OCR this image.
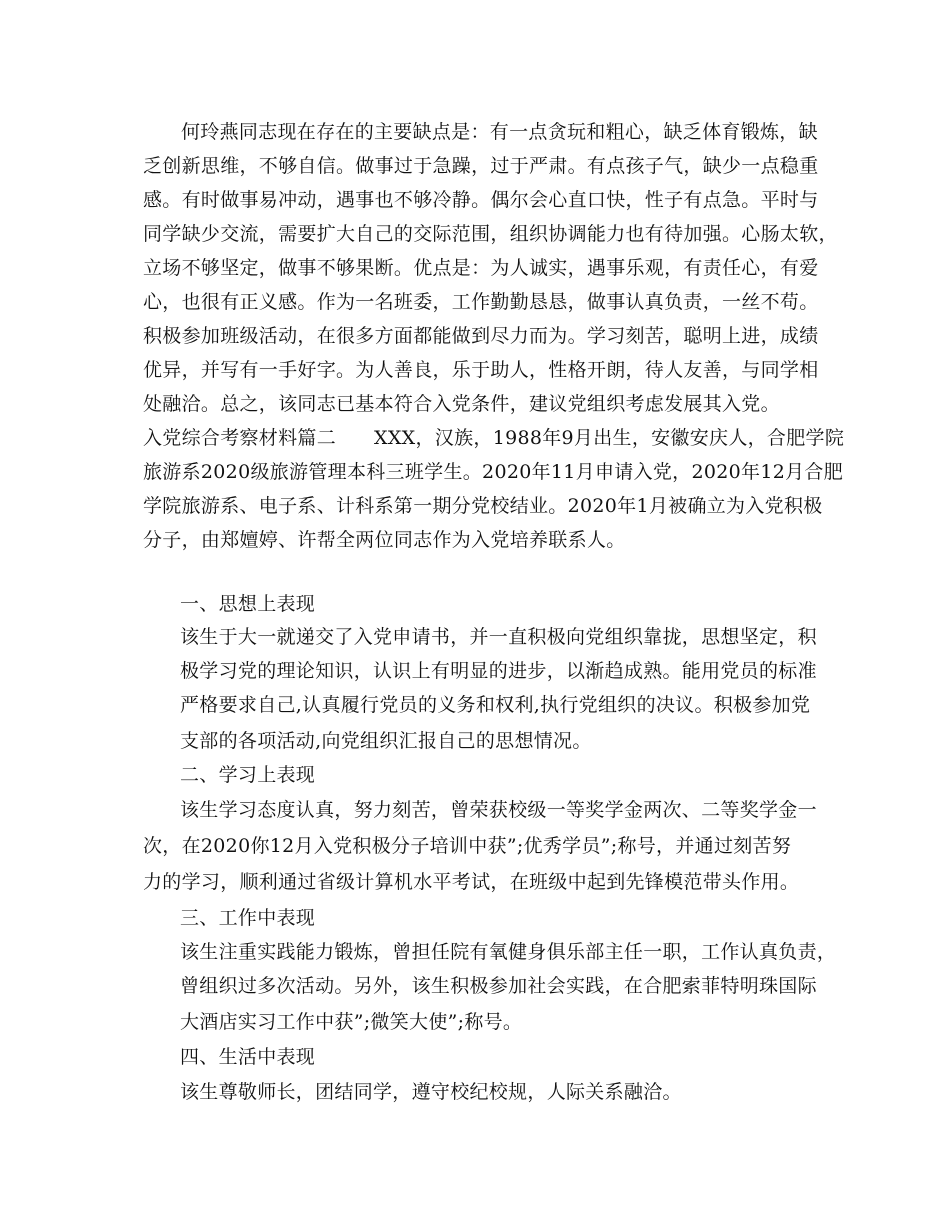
何玲燕同志现在存在的主要缺点是：有一点贪玩和粗心，缺乏体育锻炼，缺
乏创新思维，不够自信。做事过于急躁，过于严肃。有点孩子气，缺少一点稳重
感。有时做事易冲动，遇事也不够冷静。偶尔会心直口快，性子有点急。平时与
同学缺少交流，需要扩大自己的交际范围，组织协调能力也有待加强。心肠太软，
立场不够坚定，做事不够果断。优点是：为人诚实，遇事乐观，有责任心，有爱
心，也很有正义感。作为一名班委，工作勤勤恳恳，做事认真负责，一丝不苟。
积极参加班级活动，在很多方面都能做到尽力而为。学习刻苦，聪明上进，成绩
优异，并写有一手好字。为人善良，乐于助人，性格开朗，待人友善，与同学相
处融洽。总之，该同志已基本符合入党条件，建议党组织考虑发展其入党。
入党综合考察材料篇二 XXX，汉族，1988年9月出生，安徽安庆人，合肥学院
旅游系2020级旅游管理本科三班学生。2020年11月申请入党，2020年12月合肥
学院旅游系、电子系、计科系第一期分党校结业。2020年1月被确立为入党积极
分子，由郑嬗婷、许帮全两位同志作为入党培养联系人。
一、思想上表现
该生于大一就递交了入党申请书，并一直积极向党组织靠拢，思想坚定，积
极学习党的理论知识，认识上有明显的进步，以渐趋成熟。能用党员的标准
严格要求自己,认真履行党员的义务和权利,执行党组织的决议。积极参加党
支部的各项活动,向党组织汇报自己的思想情况。
二、学习上表现
该生学习态度认真，努力刻苦，曾荣获校级一等奖学金两次、二等奖学金一
次，在2020你12月入党积极分子培训中获”;优秀学员”;称号，并通过刻苦努
力的学习，顺利通过省级计算机水平考试，在班级中起到先锋模范带头作用。
三、工作中表现
该生注重实践能力锻炼，曾担任院有氧健身俱乐部主任一职，工作认真负责，
曾组织过多次活动。另外，该生积极参加社会实践，在合肥索菲特明珠国际
大酒店实习工作中获”;微笑大使”;称号。
四、生活中表现
该生尊敬师长，团结同学，遵守校纪校规，人际关系融洽。
